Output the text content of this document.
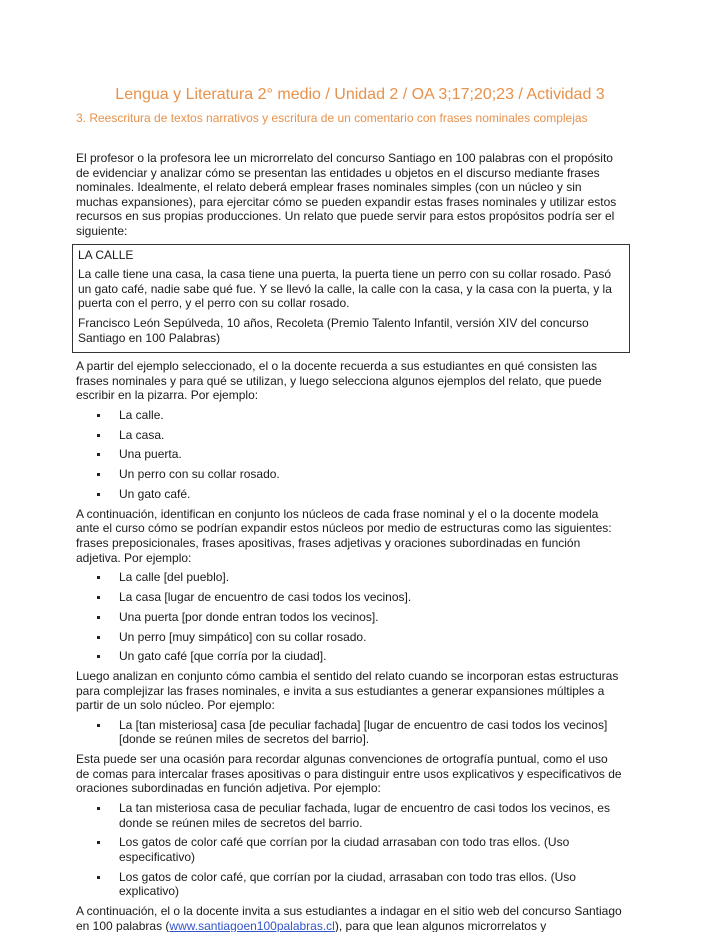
Lengua y Literatura 2° medio / Unidad 2 / OA 3;17;20;23 / Actividad 3
3. Reescritura de textos narrativos y escritura de un comentario con frases nominales complejas

El profesor o la profesora lee un microrrelato del concurso Santiago en 100 palabras con el propósito de evidenciar y analizar cómo se presentan las entidades u objetos en el discurso mediante frases nominales. Idealmente, el relato deberá emplear frases nominales simples (con un núcleo y sin muchas expansiones), para ejercitar cómo se pueden expandir estas frases nominales y utilizar estos recursos en sus propias producciones. Un relato que puede servir para estos propósitos podría ser el siguiente:

LA CALLE

La calle tiene una casa, la casa tiene una puerta, la puerta tiene un perro con su collar rosado. Pasó un gato café, nadie sabe qué fue. Y se llevó la calle, la calle con la casa, y la casa con la puerta, y la puerta con el perro, y el perro con su collar rosado.

Francisco León Sepúlveda, 10 años, Recoleta (Premio Talento Infantil, versión XIV del concurso Santiago en 100 Palabras)

A partir del ejemplo seleccionado, el o la docente recuerda a sus estudiantes en qué consisten las frases nominales y para qué se utilizan, y luego selecciona algunos ejemplos del relato, que puede escribir en la pizarra. Por ejemplo:

La calle.
La casa.
Una puerta.
Un perro con su collar rosado.
Un gato café.

A continuación, identifican en conjunto los núcleos de cada frase nominal y el o la docente modela ante el curso cómo se podrían expandir estos núcleos por medio de estructuras como las siguientes: frases preposicionales, frases apositivas, frases adjetivas y oraciones subordinadas en función adjetiva. Por ejemplo:

La calle [del pueblo].
La casa [lugar de encuentro de casi todos los vecinos].
Una puerta [por donde entran todos los vecinos].
Un perro [muy simpático] con su collar rosado.
Un gato café [que corría por la ciudad].

Luego analizan en conjunto cómo cambia el sentido del relato cuando se incorporan estas estructuras para complejizar las frases nominales, e invita a sus estudiantes a generar expansiones múltiples a partir de un solo núcleo. Por ejemplo:

La [tan misteriosa] casa [de peculiar fachada] [lugar de encuentro de casi todos los vecinos] [donde se reúnen miles de secretos del barrio].

Esta puede ser una ocasión para recordar algunas convenciones de ortografía puntual, como el uso de comas para intercalar frases apositivas o para distinguir entre usos explicativos y especificativos de oraciones subordinadas en función adjetiva. Por ejemplo:

La tan misteriosa casa de peculiar fachada, lugar de encuentro de casi todos los vecinos, es donde se reúnen miles de secretos del barrio.
Los gatos de color café que corrían por la ciudad arrasaban con todo tras ellos. (Uso especificativo)
Los gatos de color café, que corrían por la ciudad, arrasaban con todo tras ellos. (Uso explicativo)

A continuación, el o la docente invita a sus estudiantes a indagar en el sitio web del concurso Santiago en 100 palabras (www.santiagoen100palabras.cl), para que lean algunos microrrelatos y
